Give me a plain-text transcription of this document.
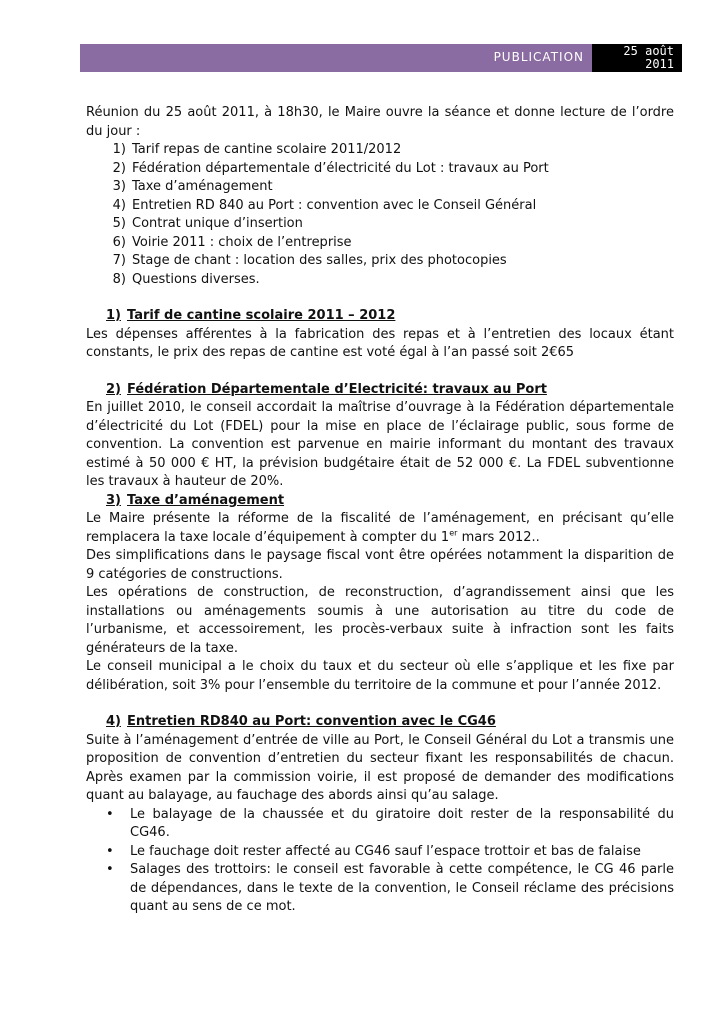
PUBLICATION	25 août
2011

Réunion du 25 août 2011, à 18h30, le Maire ouvre la séance et donne lecture de l’ordre du jour :

1) Tarif repas de cantine scolaire 2011/2012
2) Fédération départementale d’électricité du Lot : travaux au Port
3) Taxe d’aménagement
4) Entretien RD 840 au Port : convention avec le Conseil Général
5) Contrat unique d’insertion
6) Voirie 2011 : choix de l’entreprise
7) Stage de chant : location des salles, prix des photocopies
8) Questions diverses.

1) Tarif de cantine scolaire 2011 – 2012

Les dépenses afférentes à la fabrication des repas et à l’entretien des locaux étant constants, le prix des repas de cantine est voté égal à l’an passé soit 2€65

2) Fédération Départementale d’Electricité: travaux au Port

En juillet 2010, le conseil accordait la maîtrise d’ouvrage à la Fédération départementale d’électricité du Lot (FDEL) pour la mise en place de l’éclairage public, sous forme de convention. La convention est parvenue en mairie informant du montant des travaux estimé à 50 000 € HT, la prévision budgétaire était de 52 000 €. La FDEL subventionne les travaux à hauteur de 20%.

3) Taxe d’aménagement

Le Maire présente la réforme de la fiscalité de l’aménagement, en précisant qu’elle remplacera la taxe locale d’équipement à compter du 1er mars 2012..

Des simplifications dans le paysage fiscal vont être opérées notamment la disparition de 9 catégories de constructions.

Les opérations de construction, de reconstruction, d’agrandissement ainsi que les installations ou aménagements soumis à une autorisation au titre du code de l’urbanisme, et accessoirement, les procès-verbaux suite à infraction sont les faits générateurs de la taxe.

Le conseil municipal a le choix du taux et du secteur où elle s’applique et les fixe par délibération, soit 3% pour l’ensemble du territoire de la commune et pour l’année 2012.

4) Entretien RD840 au Port: convention avec le CG46

Suite à l’aménagement d’entrée de ville au Port, le Conseil Général du Lot a transmis une proposition de convention d’entretien du secteur fixant les responsabilités de chacun. Après examen par la commission voirie, il est proposé de demander des modifications quant au balayage, au fauchage des abords ainsi qu’au salage.

• Le balayage de la chaussée et du giratoire doit rester de la responsabilité du CG46.
• Le fauchage doit rester affecté au CG46 sauf l’espace trottoir et bas de falaise
• Salages des trottoirs: le conseil est favorable à cette compétence, le CG 46 parle de dépendances, dans le texte de la convention, le Conseil réclame des précisions quant au sens de ce mot.
